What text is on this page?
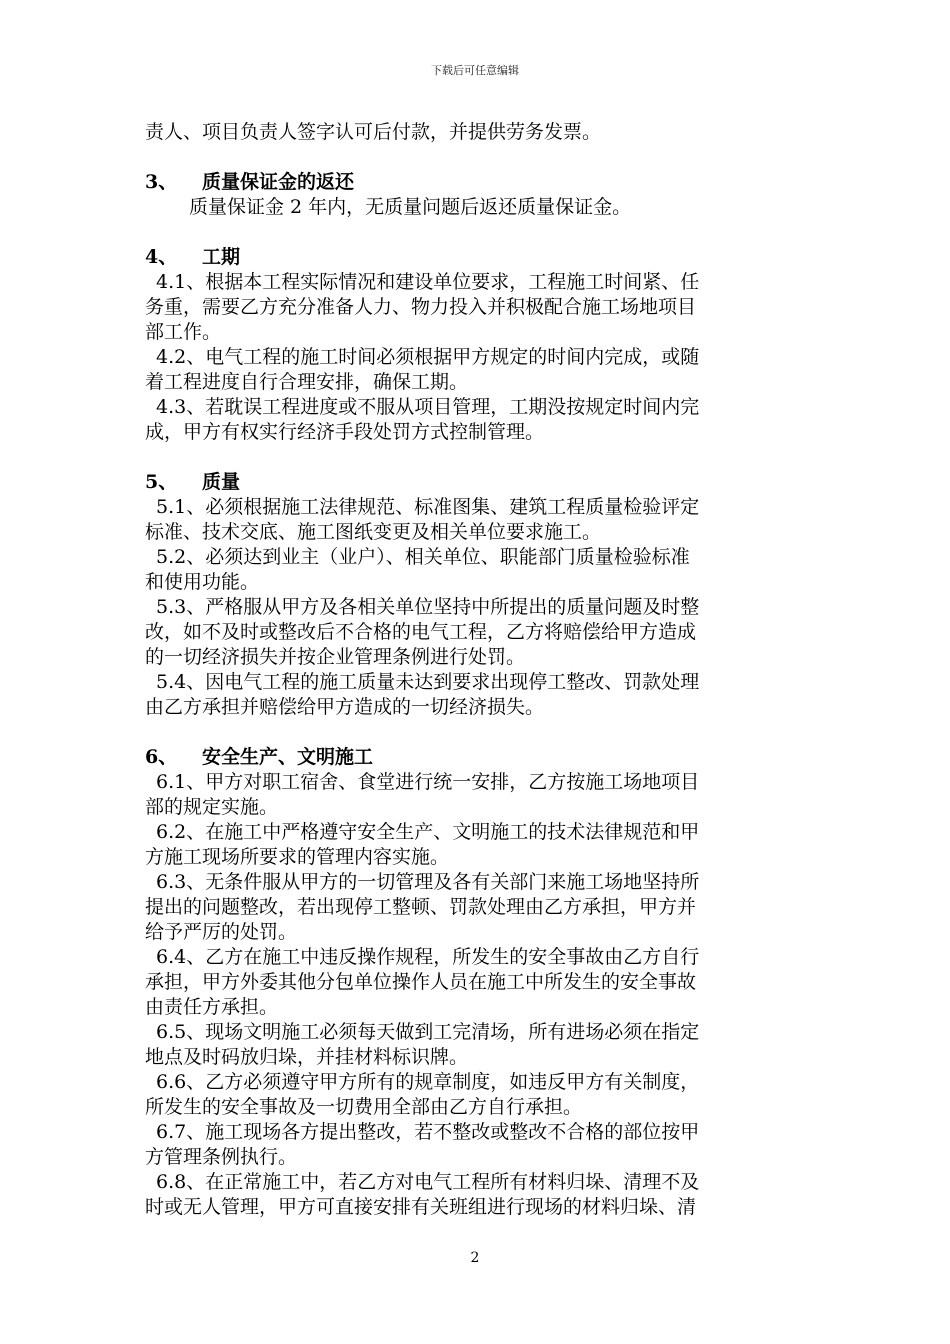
下载后可任意编辑

责人、项目负责人签字认可后付款，并提供劳务发票。

3、	质量保证金的返还

质量保证金 2 年内，无质量问题后返还质量保证金。

4、	工期

4.1、根据本工程实际情况和建设单位要求，工程施工时间紧、任

务重，需要乙方充分准备人力、物力投入并积极配合施工场地项目

部工作。

4.2、电气工程的施工时间必须根据甲方规定的时间内完成，或随

着工程进度自行合理安排，确保工期。

4.3、若耽误工程进度或不服从项目管理，工期没按规定时间内完

成，甲方有权实行经济手段处罚方式控制管理。

5、	质量

5.1、必须根据施工法律规范、标准图集、建筑工程质量检验评定

标准、技术交底、施工图纸变更及相关单位要求施工。

5.2、必须达到业主（业户）、相关单位、职能部门质量检验标准

和使用功能。

5.3、严格服从甲方及各相关单位坚持中所提出的质量问题及时整

改，如不及时或整改后不合格的电气工程，乙方将赔偿给甲方造成

的一切经济损失并按企业管理条例进行处罚。

5.4、因电气工程的施工质量未达到要求出现停工整改、罚款处理

由乙方承担并赔偿给甲方造成的一切经济损失。

6、	安全生产、文明施工

6.1、甲方对职工宿舍、食堂进行统一安排，乙方按施工场地项目

部的规定实施。

6.2、在施工中严格遵守安全生产、文明施工的技术法律规范和甲

方施工现场所要求的管理内容实施。

6.3、无条件服从甲方的一切管理及各有关部门来施工场地坚持所

提出的问题整改，若出现停工整顿、罚款处理由乙方承担，甲方并

给予严厉的处罚。

6.4、乙方在施工中违反操作规程，所发生的安全事故由乙方自行

承担，甲方外委其他分包单位操作人员在施工中所发生的安全事故

由责任方承担。

6.5、现场文明施工必须每天做到工完清场，所有进场必须在指定

地点及时码放归垛，并挂材料标识牌。

6.6、乙方必须遵守甲方所有的规章制度，如违反甲方有关制度，

所发生的安全事故及一切费用全部由乙方自行承担。

6.7、施工现场各方提出整改，若不整改或整改不合格的部位按甲

方管理条例执行。

6.8、在正常施工中，若乙方对电气工程所有材料归垛、清理不及

时或无人管理，甲方可直接安排有关班组进行现场的材料归垛、清

2
